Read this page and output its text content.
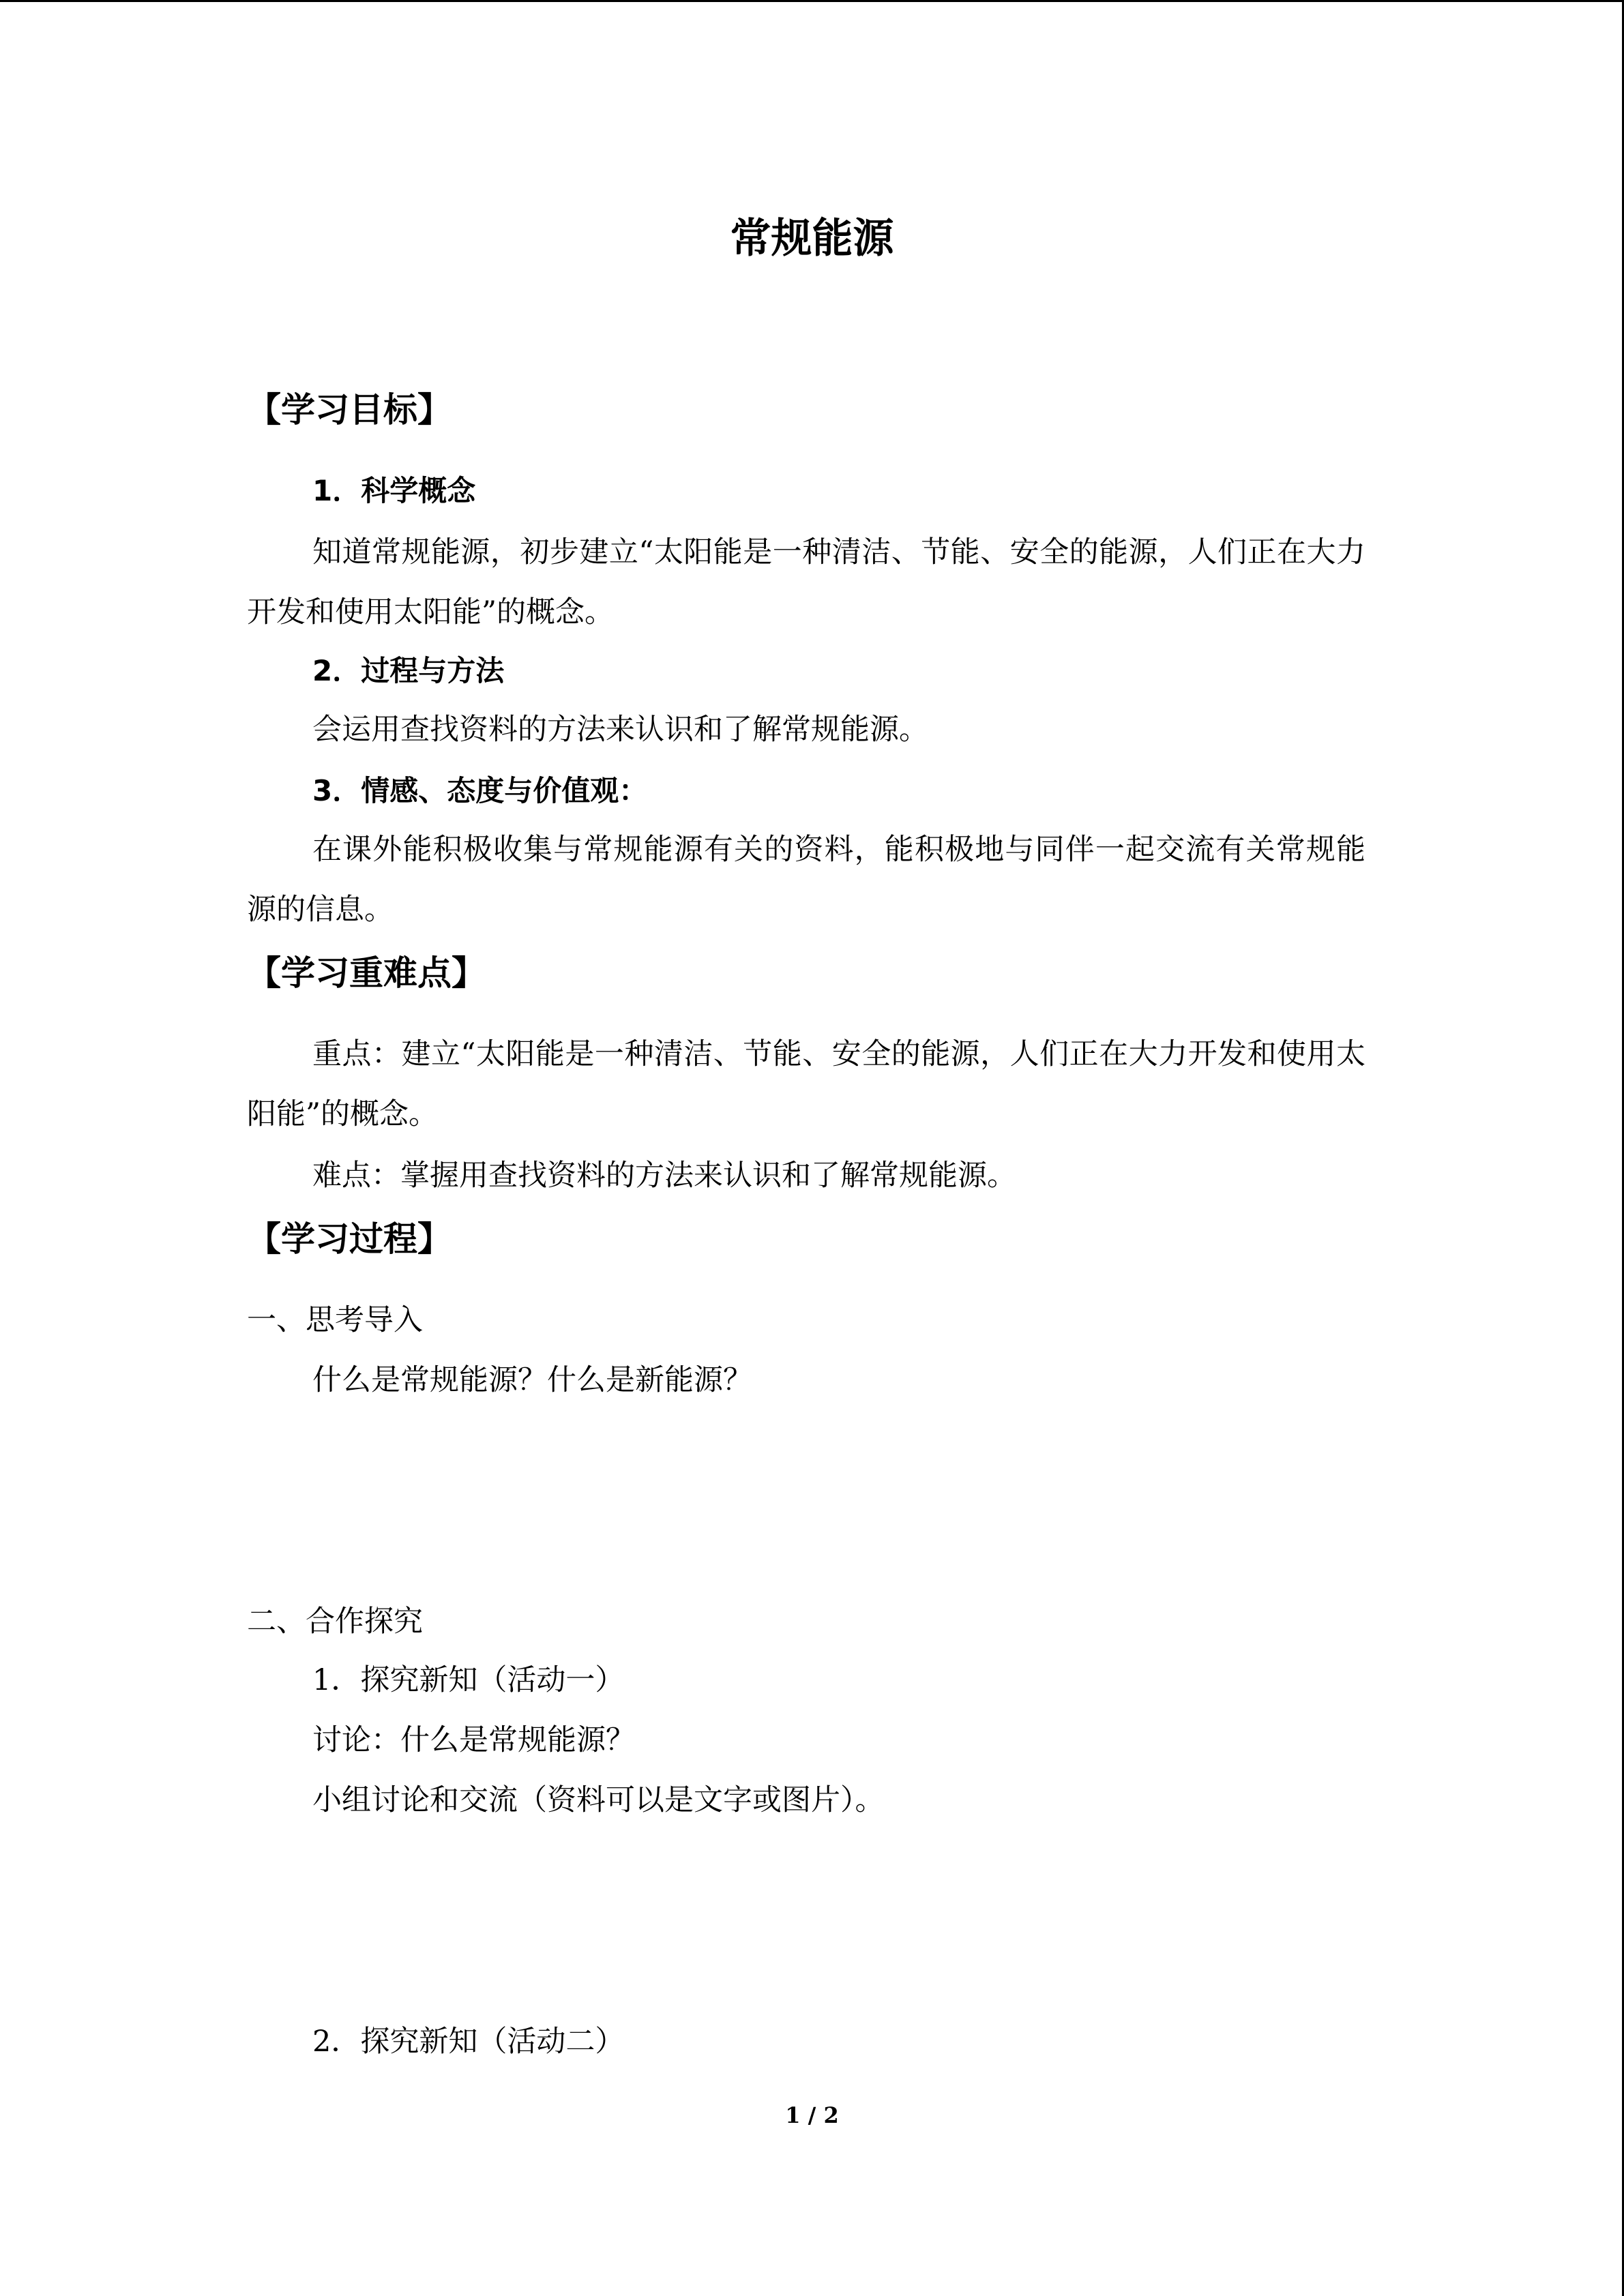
常规能源
【学习目标】
1．科学概念
知道常规能源，初步建立“太阳能是一种清洁、节能、安全的能源，人们正在大力开发和使用太阳能”的概念。
2．过程与方法
会运用查找资料的方法来认识和了解常规能源。
3．情感、态度与价值观：
在课外能积极收集与常规能源有关的资料，能积极地与同伴一起交流有关常规能源的信息。
【学习重难点】
重点：建立“太阳能是一种清洁、节能、安全的能源，人们正在大力开发和使用太阳能”的概念。
难点：掌握用查找资料的方法来认识和了解常规能源。
【学习过程】
一、思考导入
什么是常规能源？什么是新能源？
二、合作探究
1．探究新知（活动一）
讨论：什么是常规能源？
小组讨论和交流（资料可以是文字或图片）。
2．探究新知（活动二）
1 / 2
